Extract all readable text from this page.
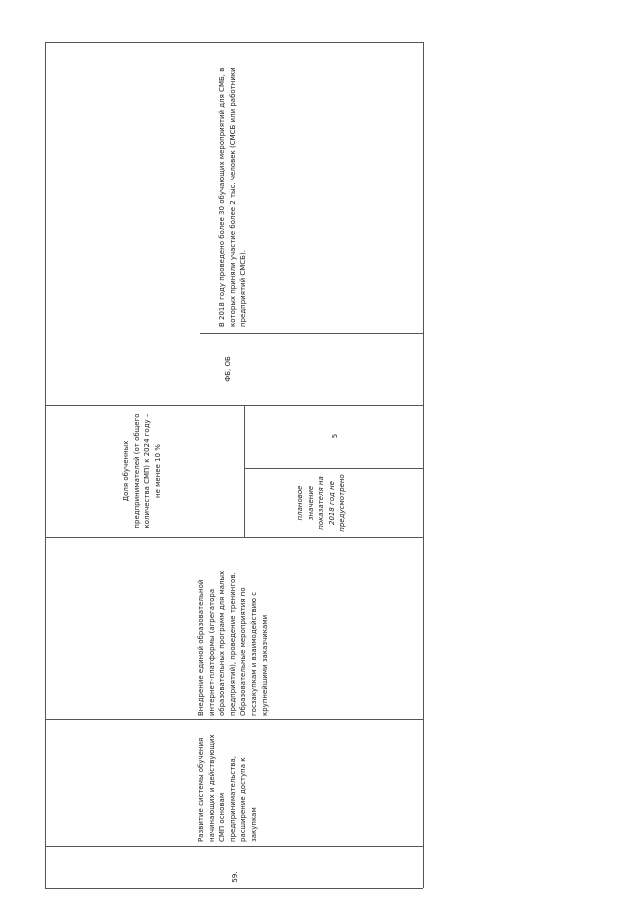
59.
Развитие системы обучения начинающих и действующих СМП основам предпринимательства, расширение доступа к закупкам
Внедрение единой образовательной интернет-платформы (агрегатора образовательных программ для малых предприятий), проведение тренингов. Образовательные мероприятия по госзакупкам и взаимодействию с крупнейшими заказчиками
Доля обученных предпринимателей (от общего количества СМП) к 2024 году – не менее 10 %
плановое значение показателя на 2018 год не предусмотрено
5
ФБ, ОБ
В 2018 году проведено более 30 обучающих мероприятий для СМБ, в которых приняли участие более 2 тыс. человек (СМСБ или работники предприятий СМСБ).
